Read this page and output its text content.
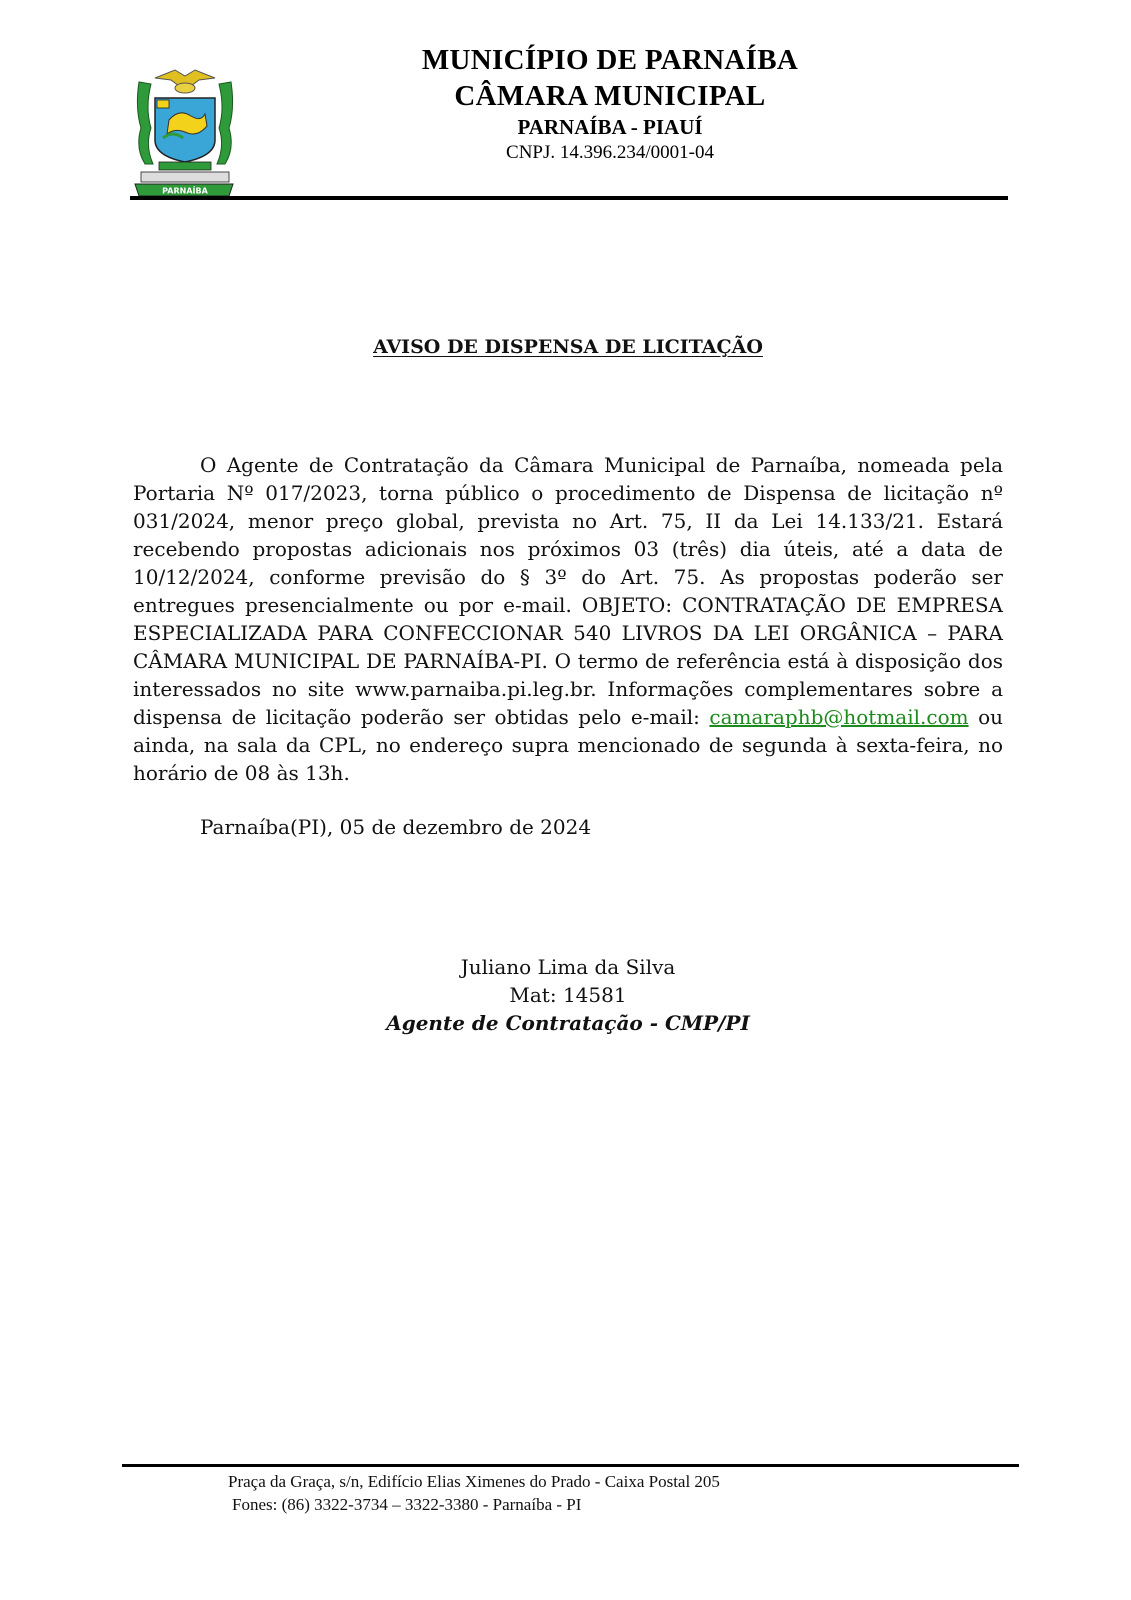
PARNAÍBA
MUNICÍPIO DE PARNAÍBA
CÂMARA MUNICIPAL
PARNAÍBA - PIAUÍ
CNPJ. 14.396.234/0001-04
AVISO DE DISPENSA DE LICITAÇÃO

O Agente de Contratação da Câmara Municipal de Parnaíba, nomeada pela Portaria Nº 017/2023, torna público o procedimento de Dispensa de licitação nº 031/2024, menor preço global, prevista no Art. 75, II da Lei 14.133/21. Estará recebendo propostas adicionais nos próximos 03 (três) dia úteis, até a data de 10/12/2024, conforme previsão do § 3º do Art. 75. As propostas poderão ser entregues presencialmente ou por e-mail. OBJETO: CONTRATAÇÃO DE EMPRESA ESPECIALIZADA PARA CONFECCIONAR 540 LIVROS DA LEI ORGÂNICA – PARA CÂMARA MUNICIPAL DE PARNAÍBA-PI. O termo de referência está à disposição dos interessados no site www.parnaiba.pi.leg.br. Informações complementares sobre a dispensa de licitação poderão ser obtidas pelo e-mail: camaraphb@hotmail.com ou ainda, na sala da CPL, no endereço supra mencionado de segunda à sexta-feira, no horário de 08 às 13h.

Parnaíba(PI), 05 de dezembro de 2024
Juliano Lima da Silva
Mat: 14581
Agente de Contratação - CMP/PI
Praça da Graça, s/n, Edifício Elias Ximenes do Prado - Caixa Postal 205
Fones: (86) 3322-3734 – 3322-3380 - Parnaíba - PI
